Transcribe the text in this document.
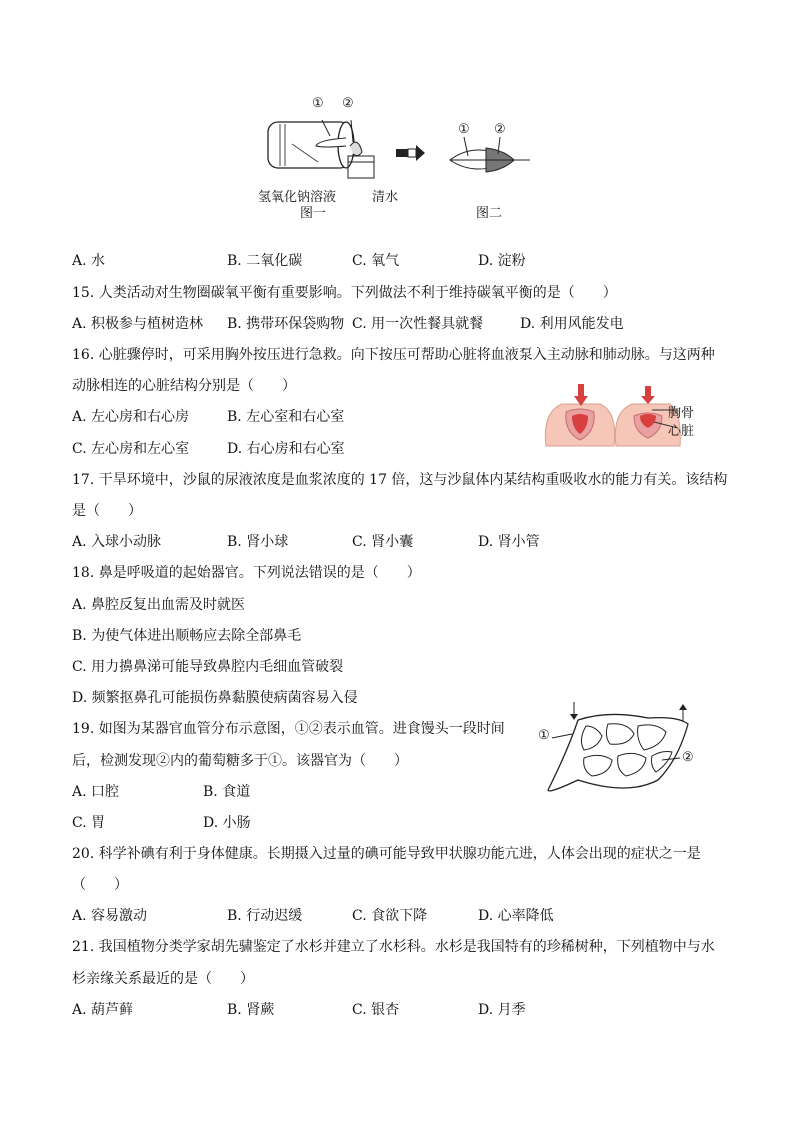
① ②
氢氧化钠溶液	清水
图一
① ②
图二
A. 水	B. 二氧化碳	C. 氧气	D. 淀粉
15. 人类活动对生物圈碳氧平衡有重要影响。下列做法不利于维持碳氧平衡的是（　　）
A. 积极参与植树造林 B. 携带环保袋购物 C. 用一次性餐具就餐	D. 利用风能发电
16. 心脏骤停时，可采用胸外按压进行急救。向下按压可帮助心脏将血液泵入主动脉和肺动脉。与这两种
动脉相连的心脏结构分别是（　　）
A. 左心房和右心房	B. 左心室和右心室
C. 左心房和左心室	D. 右心房和右心室
胸骨
心脏
17. 干旱环境中，沙鼠的尿液浓度是血浆浓度的 17 倍，这与沙鼠体内某结构重吸收水的能力有关。该结构
是（　　）
A. 入球小动脉	B. 肾小球	C. 肾小囊	D. 肾小管
18. 鼻是呼吸道的起始器官。下列说法错误的是（　　）
A. 鼻腔反复出血需及时就医
B. 为使气体进出顺畅应去除全部鼻毛
C. 用力擤鼻涕可能导致鼻腔内毛细血管破裂
D. 频繁抠鼻孔可能损伤鼻黏膜使病菌容易入侵
19. 如图为某器官血管分布示意图，①②表示血管。进食馒头一段时间
后，检测发现②内的葡萄糖多于①。该器官为（　　）
A. 口腔	B. 食道
C. 胃	D. 小肠
①
②
20. 科学补碘有利于身体健康。长期摄入过量的碘可能导致甲状腺功能亢进，人体会出现的症状之一是
（　　）
A. 容易激动	B. 行动迟缓	C. 食欲下降	D. 心率降低
21. 我国植物分类学家胡先骕鉴定了水杉并建立了水杉科。水杉是我国特有的珍稀树种，下列植物中与水
杉亲缘关系最近的是（　　）
A. 葫芦藓	B. 肾蕨	C. 银杏	D. 月季
